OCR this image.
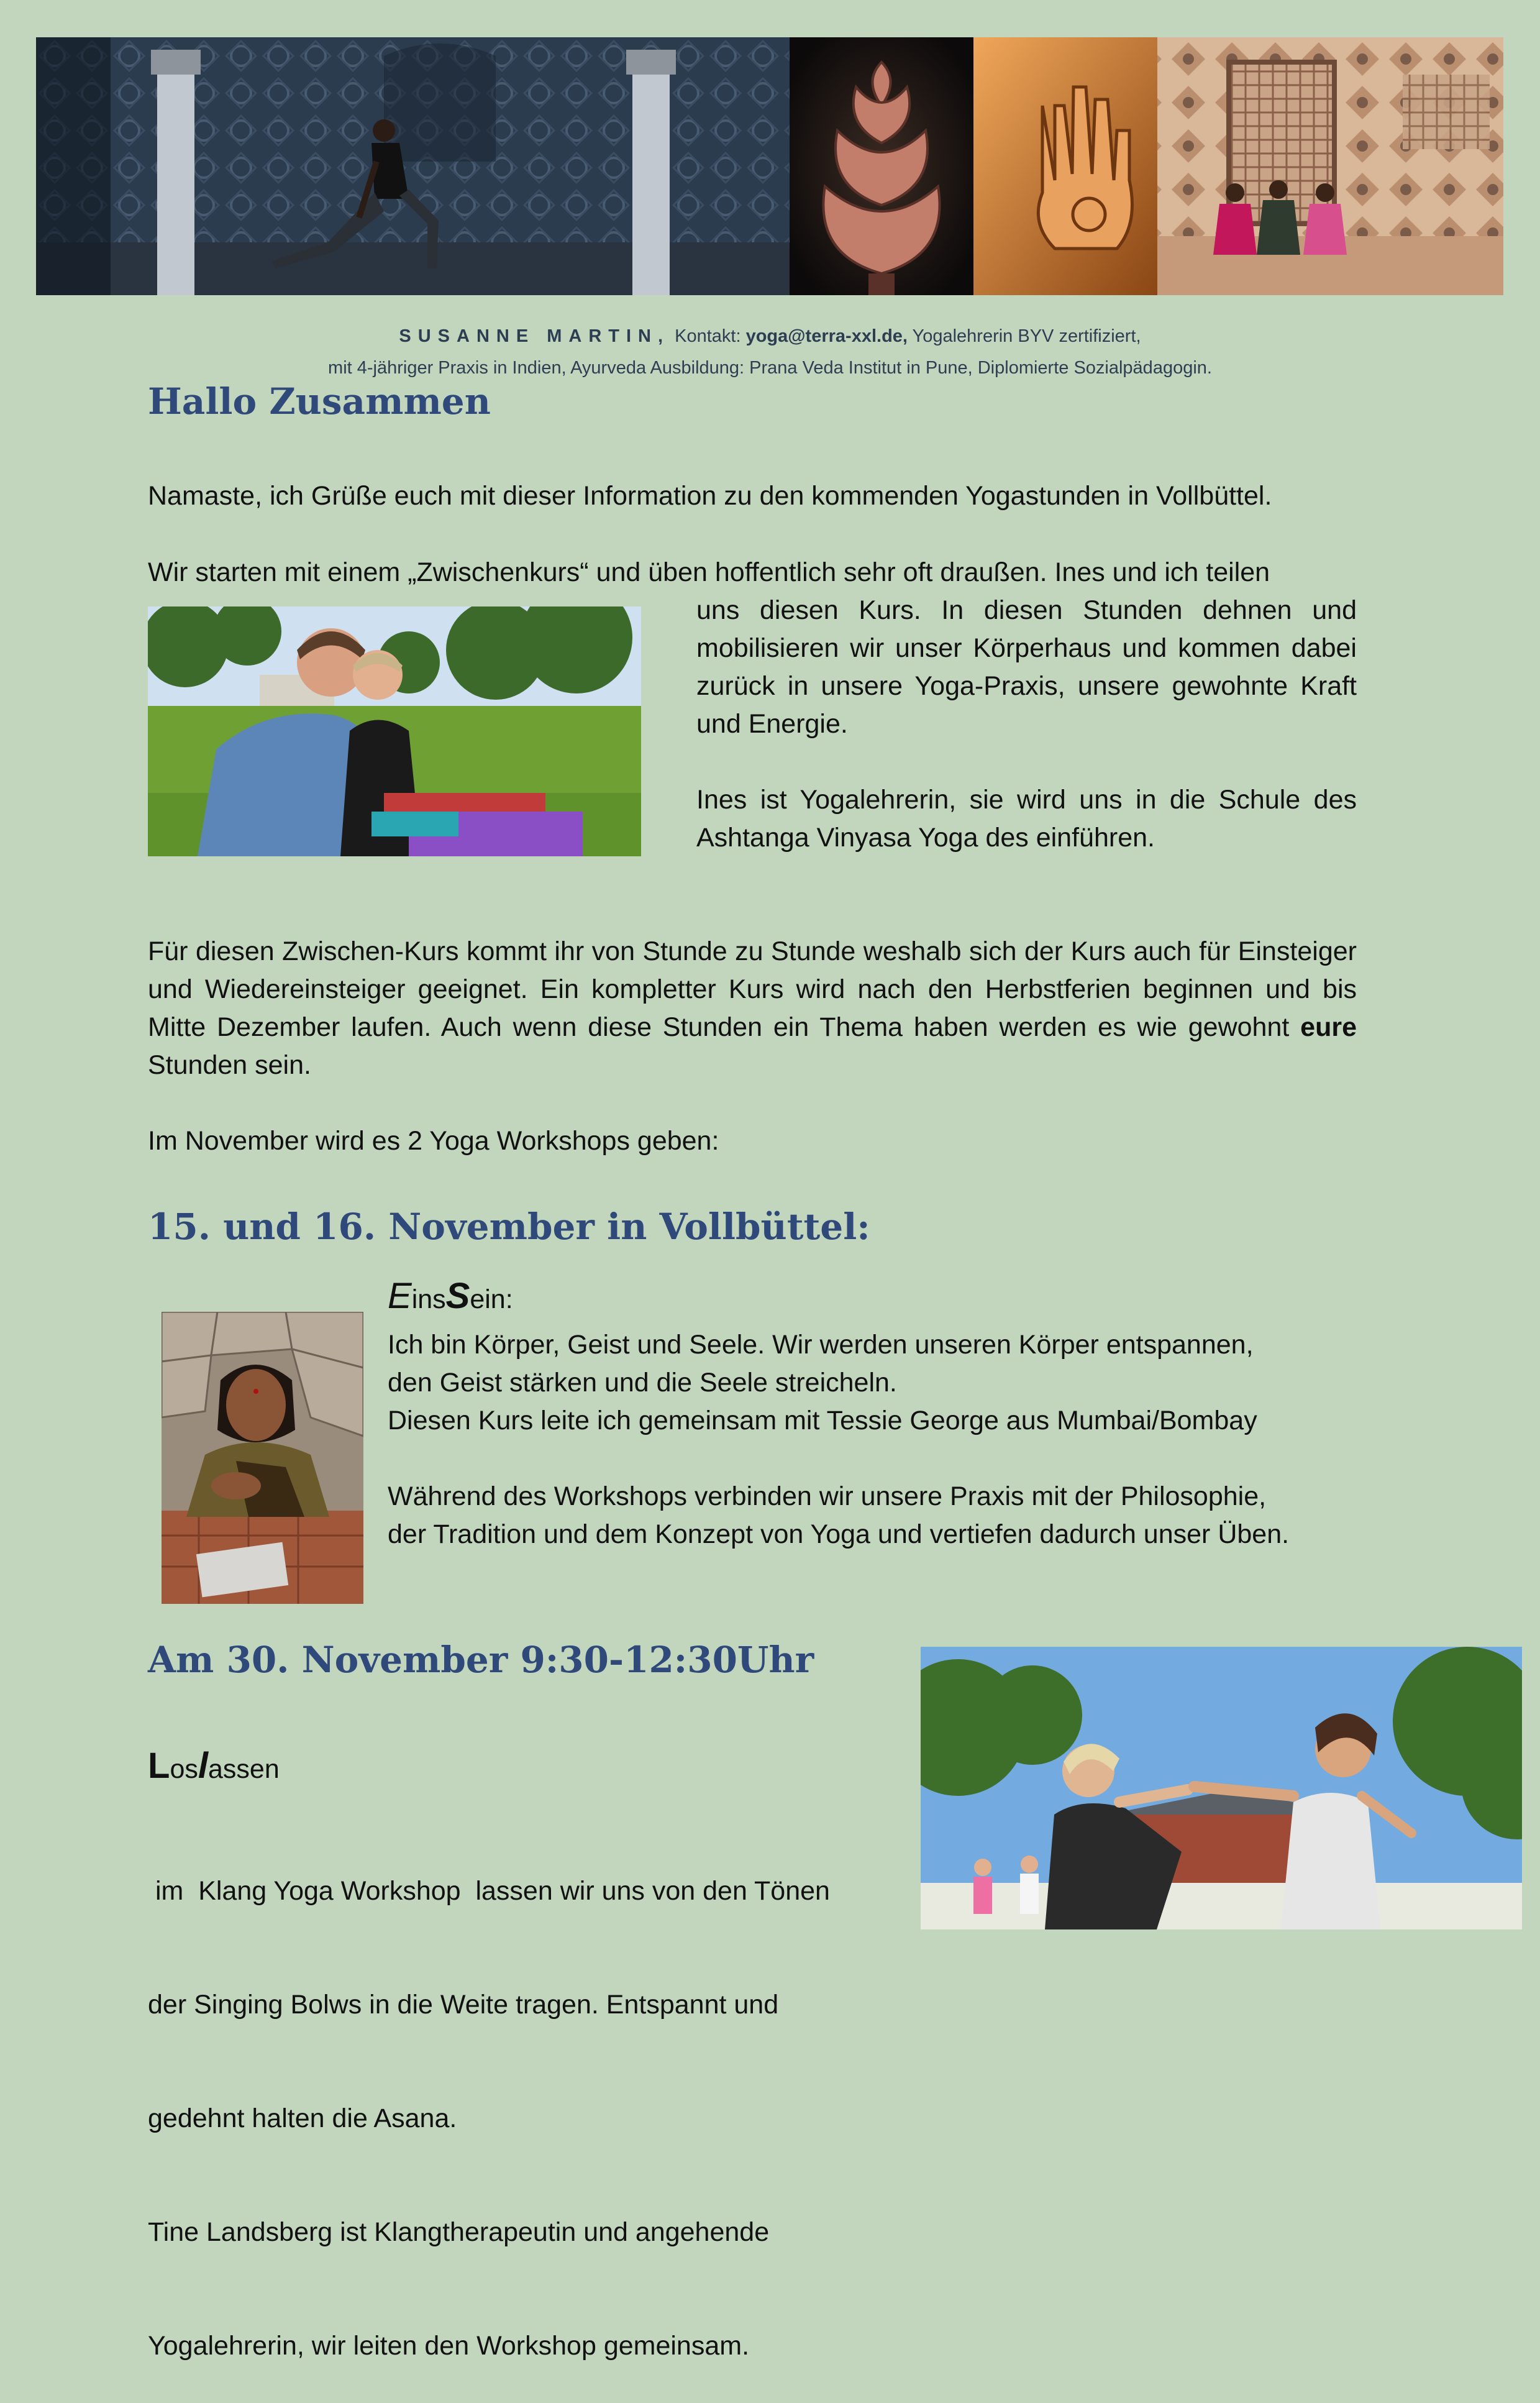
SUSANNE MARTIN, Kontakt: yoga@terra-xxl.de, Yogalehrerin BYV zertifiziert,
mit 4-jähriger Praxis in Indien, Ayurveda Ausbildung: Prana Veda Institut in Pune, Diplomierte Sozialpädagogin.
Hallo Zusammen
Namaste, ich Grüße euch mit dieser Information zu den kommenden Yogastunden in Vollbüttel.
Wir starten mit einem „Zwischenkurs“ und üben hoffentlich sehr oft draußen. Ines und ich teilen
uns diesen Kurs. In diesen Stunden dehnen und mobilisieren wir unser Körperhaus und kommen dabei zurück in unsere Yoga-Praxis, unsere gewohnte Kraft und Energie.
Ines ist Yogalehrerin, sie wird uns in die Schule des Ashtanga Vinyasa Yoga des einführen.
Für diesen Zwischen-Kurs kommt ihr von Stunde zu Stunde weshalb sich der Kurs auch für Einsteiger und Wiedereinsteiger geeignet. Ein kompletter Kurs wird nach den Herbstferien beginnen und bis Mitte Dezember laufen. Auch wenn diese Stunden ein Thema haben werden es wie gewohnt eure Stunden sein.
Im November wird es 2 Yoga Workshops geben:
15. und 16. November in Vollbüttel:
EinsSein:
Ich bin Körper, Geist und Seele. Wir werden unseren Körper entspannen,
den Geist stärken und die Seele streicheln.
Diesen Kurs leite ich gemeinsam mit Tessie George aus Mumbai/Bombay
Während des Workshops verbinden wir unsere Praxis mit der Philosophie,
der Tradition und dem Konzept von Yoga und vertiefen dadurch unser Üben.
Am 30. November 9:30-12:30Uhr
Loslassen

im  Klang Yoga Workshop  lassen wir uns von den Tönen

der Singing Bolws in die Weite tragen. Entspannt und

gedehnt halten die Asana.

Tine Landsberg ist Klangtherapeutin und angehende

Yogalehrerin, wir leiten den Workshop gemeinsam.
